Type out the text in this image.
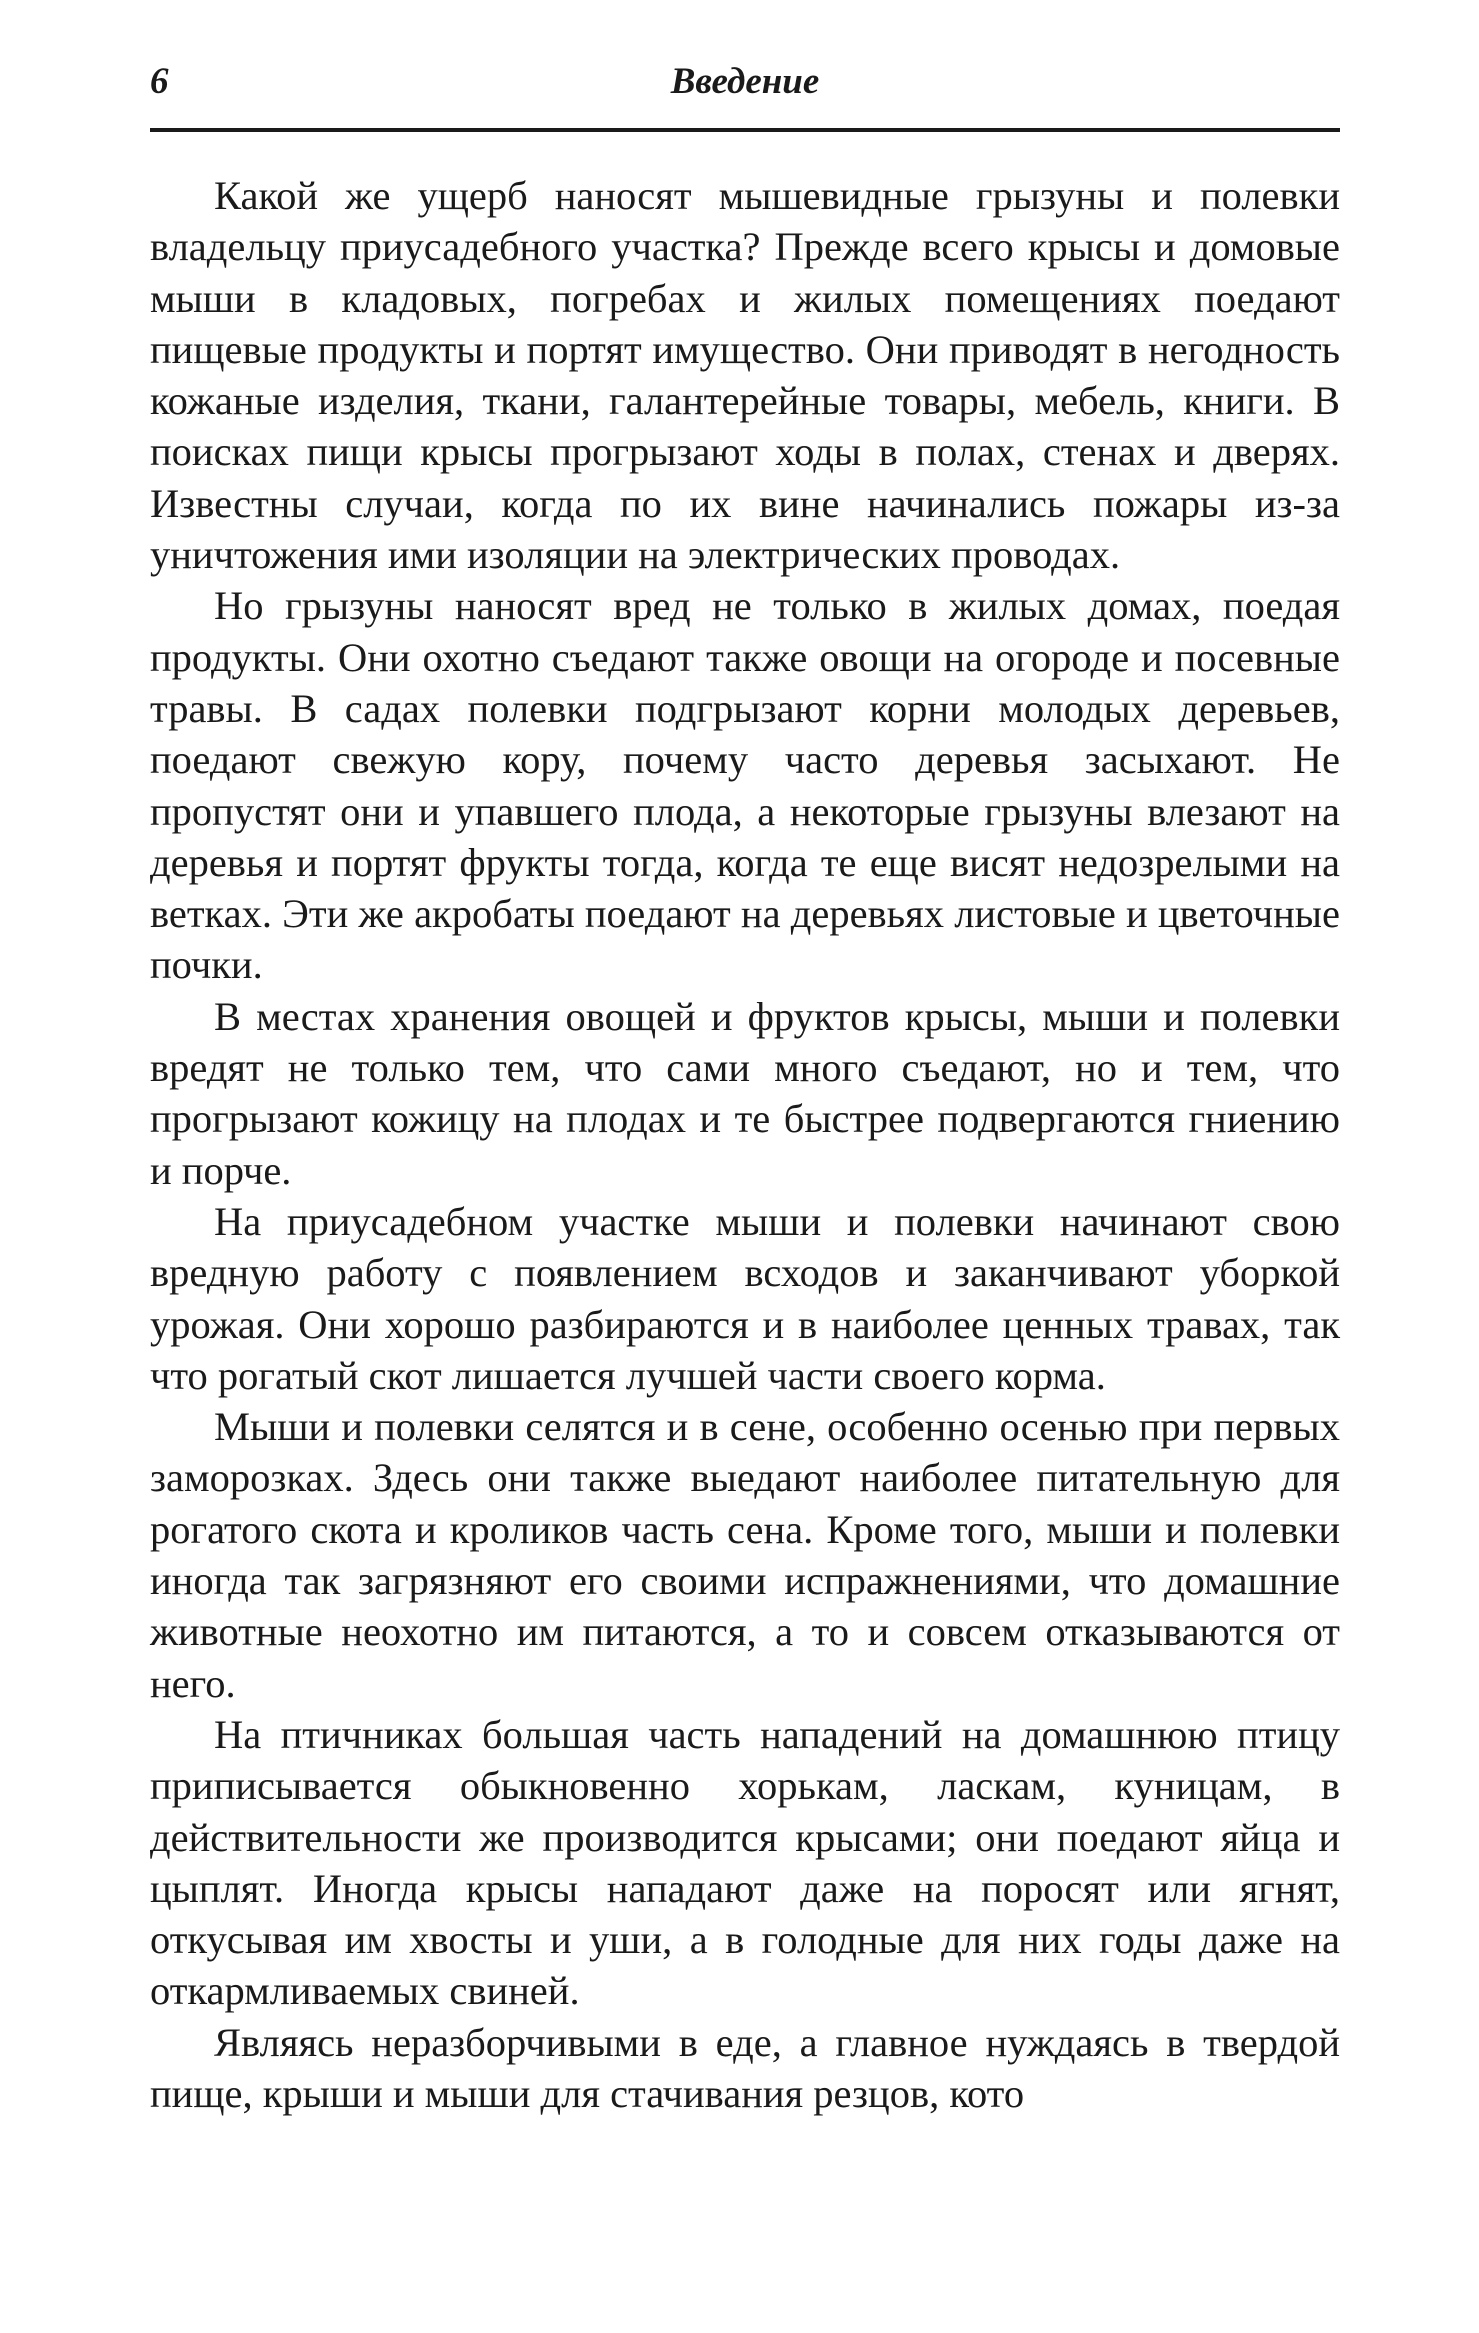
6	Введение

Какой же ущерб наносят мышевидные грызуны и полевки владельцу приусадебного участка? Прежде всего крысы и домовые мыши в кладовых, погребах и жилых помещениях поедают пищевые продукты и портят имущество. Они приводят в негодность кожаные изделия, ткани, галантерейные товары, мебель, книги. В поисках пищи крысы прогрызают ходы в полах, стенах и дверях. Известны случаи, когда по их вине начинались пожары из-за уничтожения ими изоляции на электрических проводах.

Но грызуны наносят вред не только в жилых домах, поедая продукты. Они охотно съедают также овощи на огороде и посевные травы. В садах полевки подгрызают корни молодых деревьев, поедают свежую кору, почему часто деревья засыхают. Не пропустят они и упавшего плода, а некоторые грызуны влезают на деревья и портят фрукты тогда, когда те еще висят недозрелыми на ветках. Эти же акробаты поедают на деревьях листовые и цветочные почки.

В местах хранения овощей и фруктов крысы, мыши и полевки вредят не только тем, что сами много съедают, но и тем, что прогрызают кожицу на плодах и те быстрее подвергаются гниению и порче.

На приусадебном участке мыши и полевки начинают свою вредную работу с появлением всходов и заканчивают уборкой урожая. Они хорошо разбираются и в наиболее ценных травах, так что рогатый скот лишается лучшей части своего корма.

Мыши и полевки селятся и в сене, особенно осенью при первых заморозках. Здесь они также выедают наиболее питательную для рогатого скота и кроликов часть сена. Кроме того, мыши и полевки иногда так загрязняют его своими испражнениями, что домашние животные неохотно им питаются, а то и совсем отказываются от него.

На птичниках большая часть нападений на домашнюю птицу приписывается обыкновенно хорькам, ласкам, куницам, в действительности же производится крысами; они поедают яйца и цыплят. Иногда крысы нападают даже на поросят или ягнят, откусывая им хвосты и уши, а в голодные для них годы даже на откармливаемых свиней.

Являясь неразборчивыми в еде, а главное нуждаясь в твердой пище, крыши и мыши для стачивания резцов, кото
